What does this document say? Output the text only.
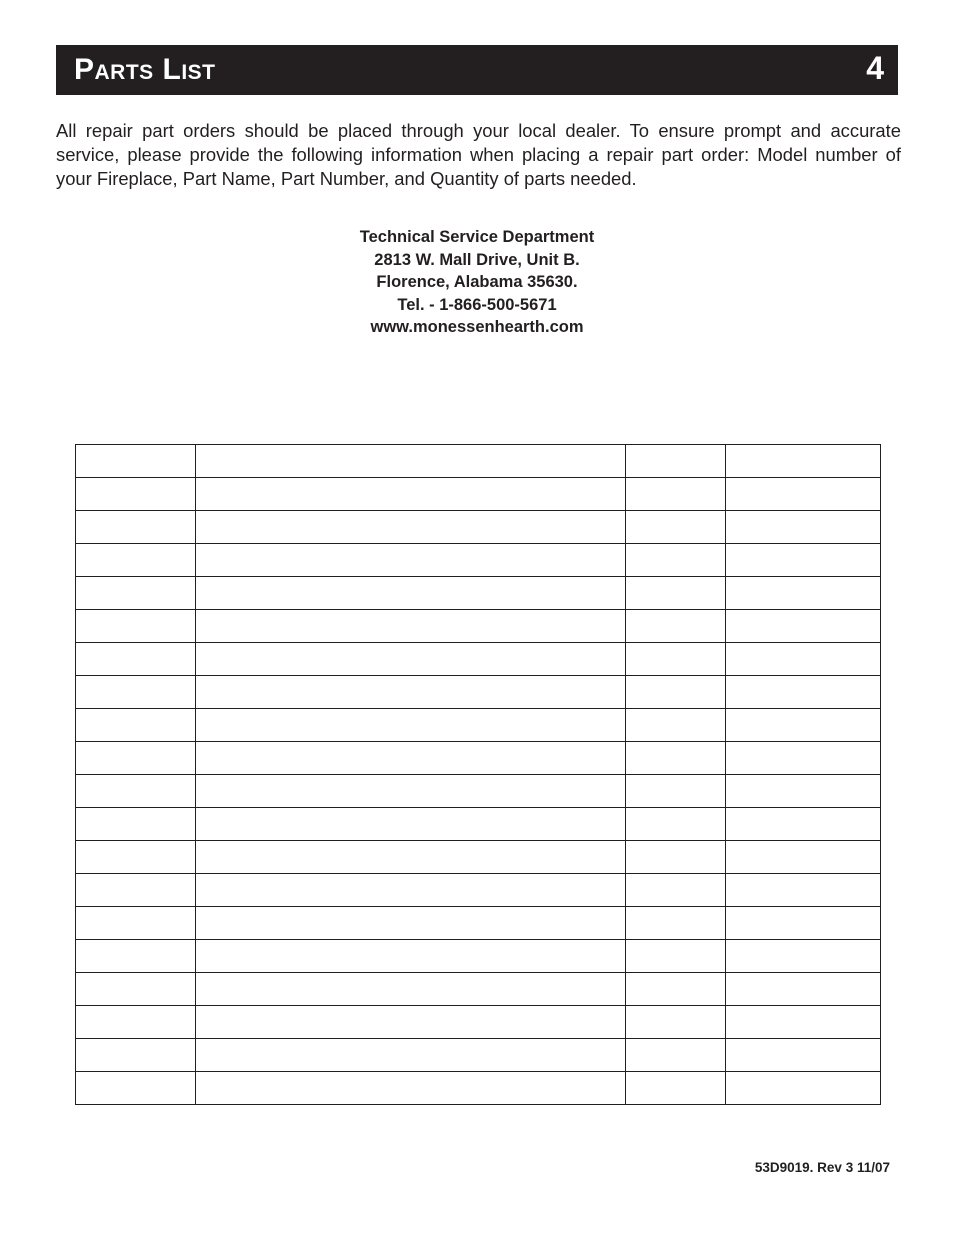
Parts List	4

All repair part orders should be placed through your local dealer. To ensure prompt and accurate service, please provide the following information when placing a repair part order: Model number of your Fireplace, Part Name, Part Number, and Quantity of parts needed.

Technical Service Department
2813 W. Mall Drive, Unit B.
Florence, Alabama 35630.
Tel. - 1-866-500-5671
www.monessenhearth.com

53D9019. Rev 3 11/07
